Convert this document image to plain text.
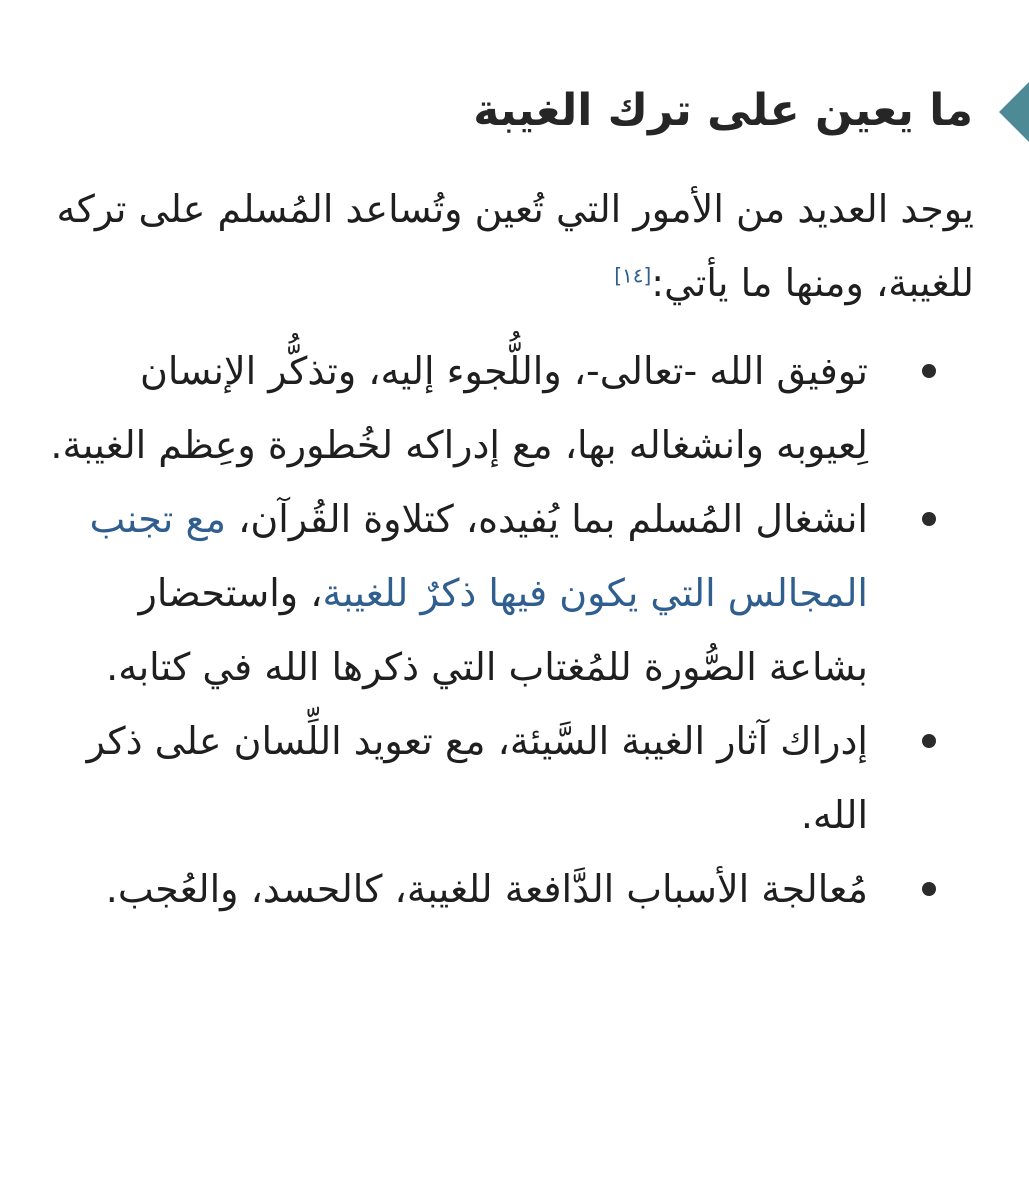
ما يعين على ترك الغيبة

يوجد العديد من الأمور التي تُعين وتُساعد المُسلم على تركه للغيبة، ومنها ما يأتي:[١٤]

توفيق الله -تعالى-، واللُّجوء إليه، وتذكُّر الإنسان لِعيوبه وانشغاله بها، مع إدراكه لخُطورة وعِظم الغيبة.
انشغال المُسلم بما يُفيده، كتلاوة القُرآن، مع تجنب المجالس التي يكون فيها ذكرٌ للغيبة، واستحضار بشاعة الصُّورة للمُغتاب التي ذكرها الله في كتابه.
إدراك آثار الغيبة السَّيئة، مع تعويد اللِّسان على ذكر الله.
مُعالجة الأسباب الدَّافعة للغيبة، كالحسد، والعُجب.
